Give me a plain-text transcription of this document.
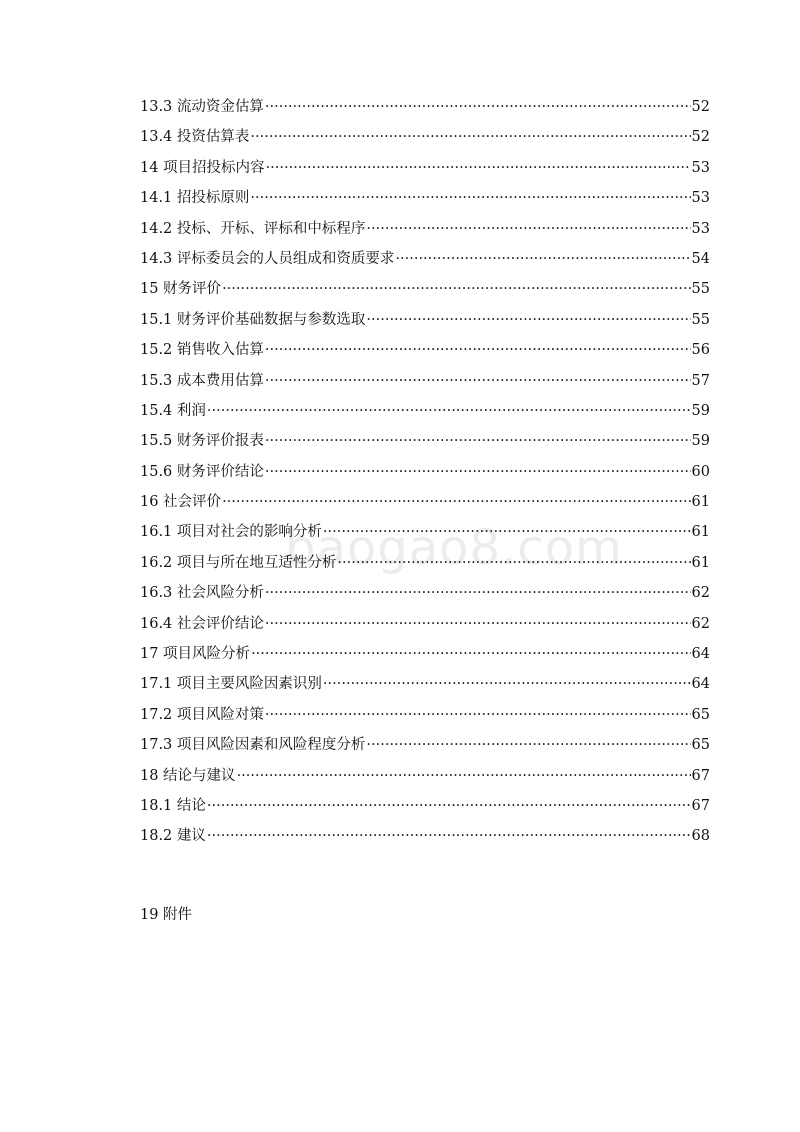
baogao8.com
13.3 流动资金估算 ·····	52
13.4 投资估算表 ·····	52
14 项目招投标内容 ·····	53
14.1 招投标原则 ·····	53
14.2 投标、开标、评标和中标程序 ·····	53
14.3 评标委员会的人员组成和资质要求 ·····	54
15 财务评价 ·····	55
15.1 财务评价基础数据与参数选取 ·····	55
15.2 销售收入估算 ·····	56
15.3 成本费用估算 ·····	57
15.4 利润 ·····	59
15.5 财务评价报表 ·····	59
15.6 财务评价结论 ·····	60
16 社会评价 ·····	61
16.1 项目对社会的影响分析 ·····	61
16.2 项目与所在地互适性分析 ·····	61
16.3 社会风险分析 ·····	62
16.4 社会评价结论 ·····	62
17 项目风险分析 ·····	64
17.1 项目主要风险因素识别 ·····	64
17.2 项目风险对策 ·····	65
17.3 项目风险因素和风险程度分析 ·····	65
18 结论与建议 ·····	67
18.1 结论 ·····	67
18.2 建议 ·····	68
19 附件
